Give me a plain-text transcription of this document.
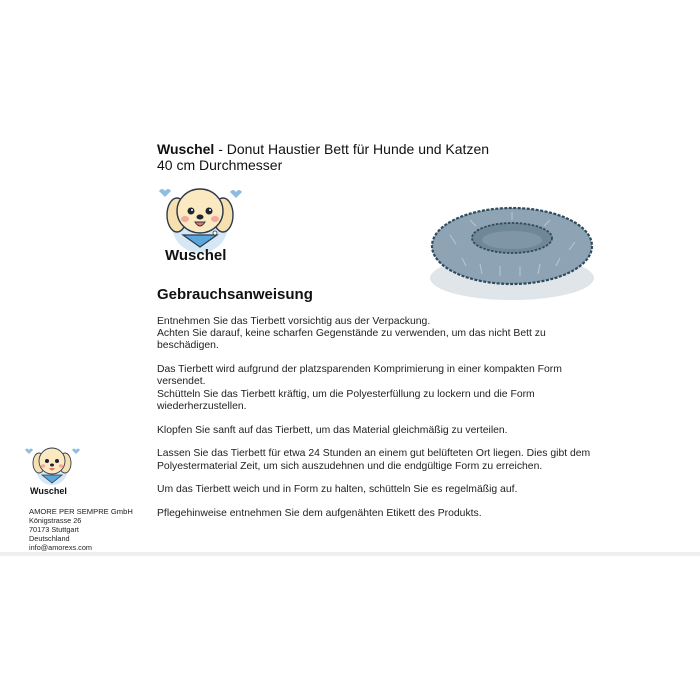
Wuschel - Donut Haustier Bett für Hunde und Katzen
40 cm Durchmesser
Wuschel
Gebrauchsanweisung

Entnehmen Sie das Tierbett vorsichtig aus der Verpackung.
Achten Sie darauf, keine scharfen Gegenstände zu verwenden, um das nicht Bett zu beschädigen.

Das Tierbett wird aufgrund der platzsparenden Komprimierung in einer kompakten Form versendet.
Schütteln Sie das Tierbett kräftig, um die Polyesterfüllung zu lockern und die Form wiederherzustellen.

Klopfen Sie sanft auf das Tierbett, um das Material gleichmäßig zu verteilen.

Lassen Sie das Tierbett für etwa 24 Stunden an einem gut belüfteten Ort liegen. Dies gibt dem
Polyestermaterial Zeit, um sich auszudehnen und die endgültige Form zu erreichen.

Um das Tierbett weich und in Form zu halten, schütteln Sie es regelmäßig auf.

Pflegehinweise entnehmen Sie dem aufgenähten Etikett des Produkts.

Wuschel
AMORE PER SEMPRE GmbH
Königstrasse 26
70173 Stuttgart
Deutschland
info@amorexs.com
